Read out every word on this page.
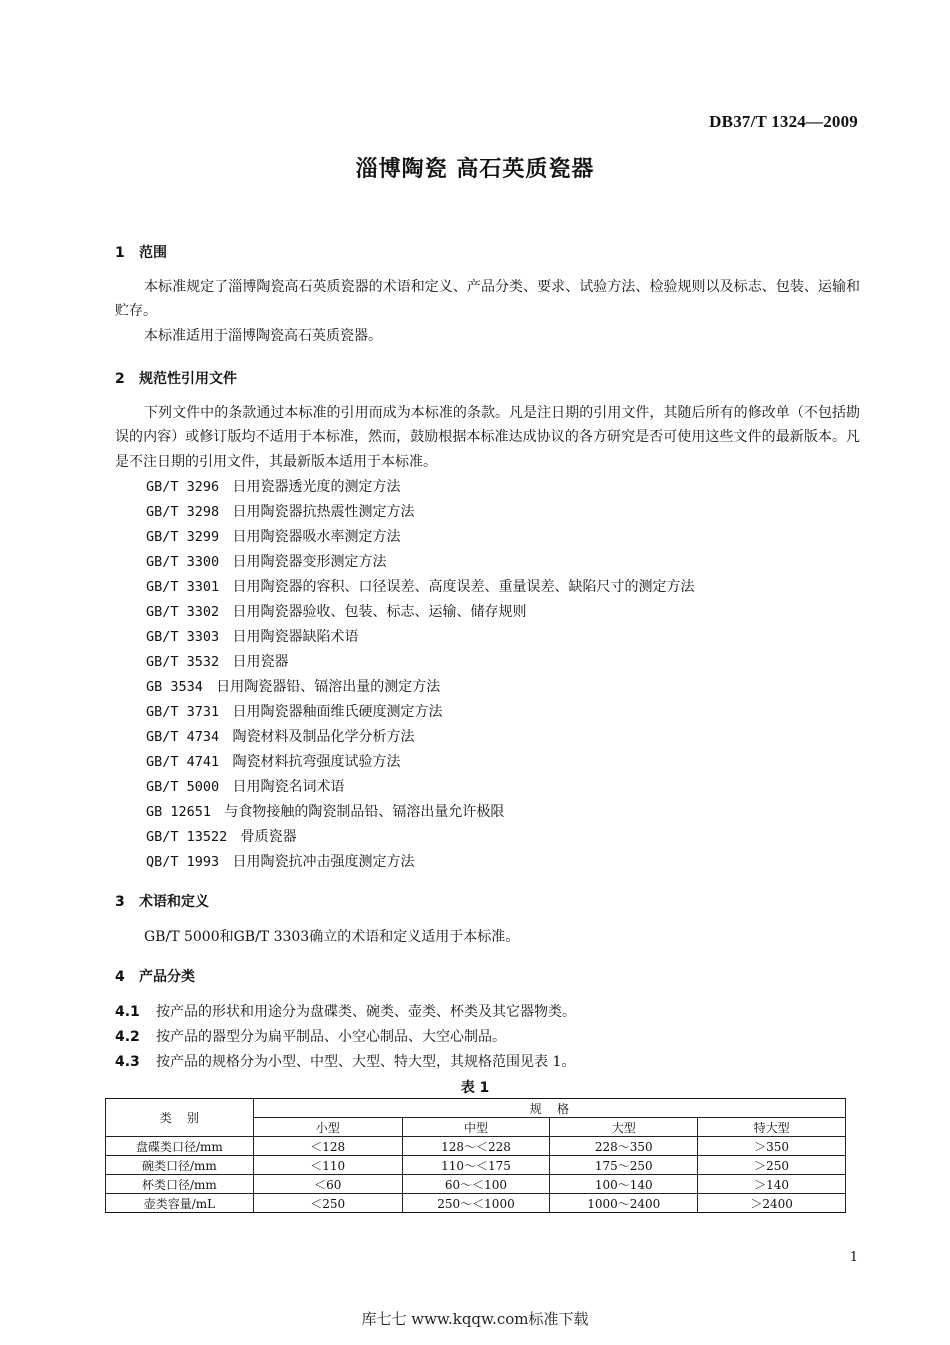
DB37/T 1324—2009
淄博陶瓷 高石英质瓷器
1 范围
本标准规定了淄博陶瓷高石英质瓷器的术语和定义、产品分类、要求、试验方法、检验规则以及标志、包装、运输和贮存。
本标准适用于淄博陶瓷高石英质瓷器。
2 规范性引用文件
下列文件中的条款通过本标准的引用而成为本标准的条款。凡是注日期的引用文件，其随后所有的修改单（不包括勘误的内容）或修订版均不适用于本标准，然而，鼓励根据本标准达成协议的各方研究是否可使用这些文件的最新版本。凡是不注日期的引用文件，其最新版本适用于本标准。
GB/T 3296 日用瓷器透光度的测定方法
GB/T 3298 日用陶瓷器抗热震性测定方法
GB/T 3299 日用陶瓷器吸水率测定方法
GB/T 3300 日用陶瓷器变形测定方法
GB/T 3301 日用陶瓷器的容积、口径误差、高度误差、重量误差、缺陷尺寸的测定方法
GB/T 3302 日用陶瓷器验收、包装、标志、运输、储存规则
GB/T 3303 日用陶瓷器缺陷术语
GB/T 3532 日用瓷器
GB 3534 日用陶瓷器铅、镉溶出量的测定方法
GB/T 3731 日用陶瓷器釉面维氏硬度测定方法
GB/T 4734 陶瓷材料及制品化学分析方法
GB/T 4741 陶瓷材料抗弯强度试验方法
GB/T 5000 日用陶瓷名词术语
GB 12651 与食物接触的陶瓷制品铅、镉溶出量允许极限
GB/T 13522 骨质瓷器
QB/T 1993 日用陶瓷抗冲击强度测定方法
3 术语和定义
GB/T 5000和GB/T 3303确立的术语和定义适用于本标准。
4 产品分类
4.1 按产品的形状和用途分为盘碟类、碗类、壶类、杯类及其它器物类。
4.2 按产品的器型分为扁平制品、小空心制品、大空心制品。
4.3 按产品的规格分为小型、中型、大型、特大型，其规格范围见表 1。
表 1
类    别	规    格			
	小型	中型	大型	特大型
盘碟类口径/mm	＜128	128～＜228	228～350	＞350
碗类口径/mm	＜110	110～＜175	175～250	＞250
杯类口径/mm	＜60	60～＜100	100～140	＞140
壶类容量/mL	＜250	250～＜1000	1000～2400	＞2400
1
库七七 www.kqqw.com标准下载
